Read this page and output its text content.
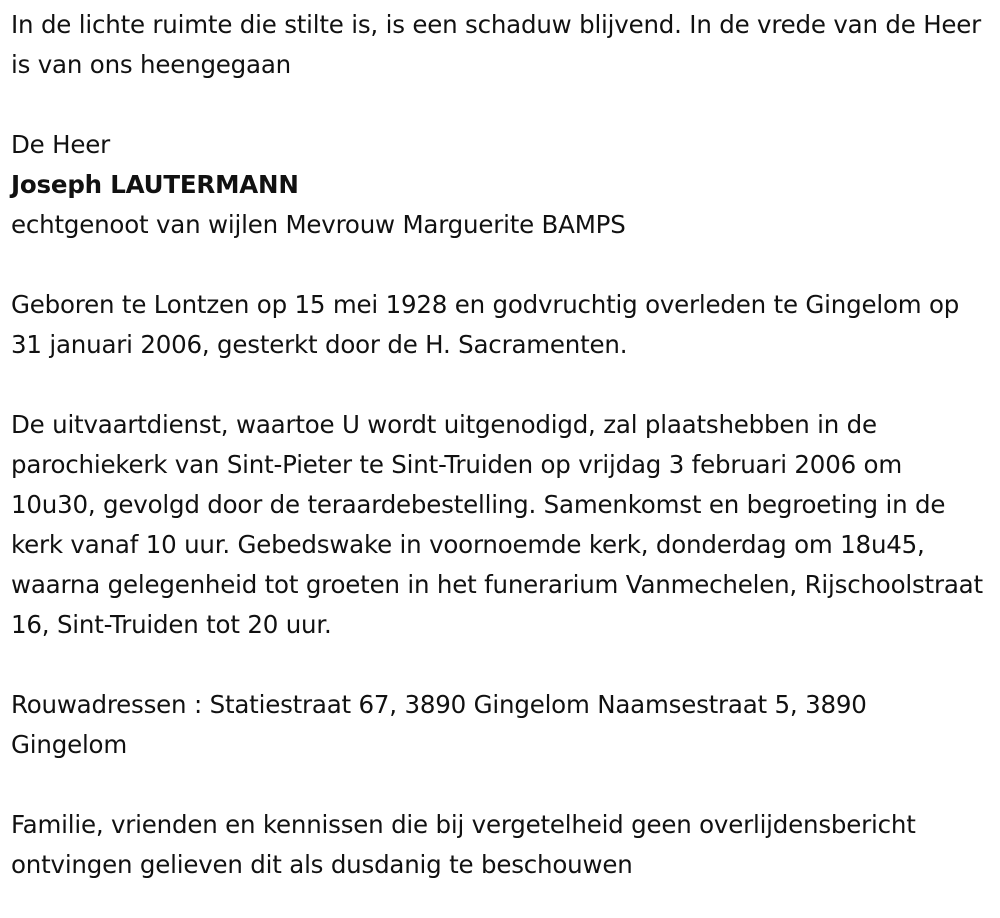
In de lichte ruimte die stilte is, is een schaduw blijvend. In de vrede van de Heer is van ons heengegaan

De Heer

Joseph LAUTERMANN

echtgenoot van wijlen Mevrouw Marguerite BAMPS

Geboren te Lontzen op 15 mei 1928 en godvruchtig overleden te Gingelom op 31 januari 2006, gesterkt door de H. Sacramenten.

De uitvaartdienst, waartoe U wordt uitgenodigd, zal plaatshebben in de parochiekerk van Sint-Pieter te Sint-Truiden op vrijdag 3 februari 2006 om 10u30, gevolgd door de teraardebestelling. Samenkomst en begroeting in de kerk vanaf 10 uur. Gebedswake in voornoemde kerk, donderdag om 18u45, waarna gelegenheid tot groeten in het funerarium Vanmechelen, Rijschoolstraat 16, Sint-Truiden tot 20 uur.

Rouwadressen : Statiestraat 67, 3890 Gingelom Naamsestraat 5, 3890 Gingelom

Familie, vrienden en kennissen die bij vergetelheid geen overlijdensbericht ontvingen gelieven dit als dusdanig te beschouwen
